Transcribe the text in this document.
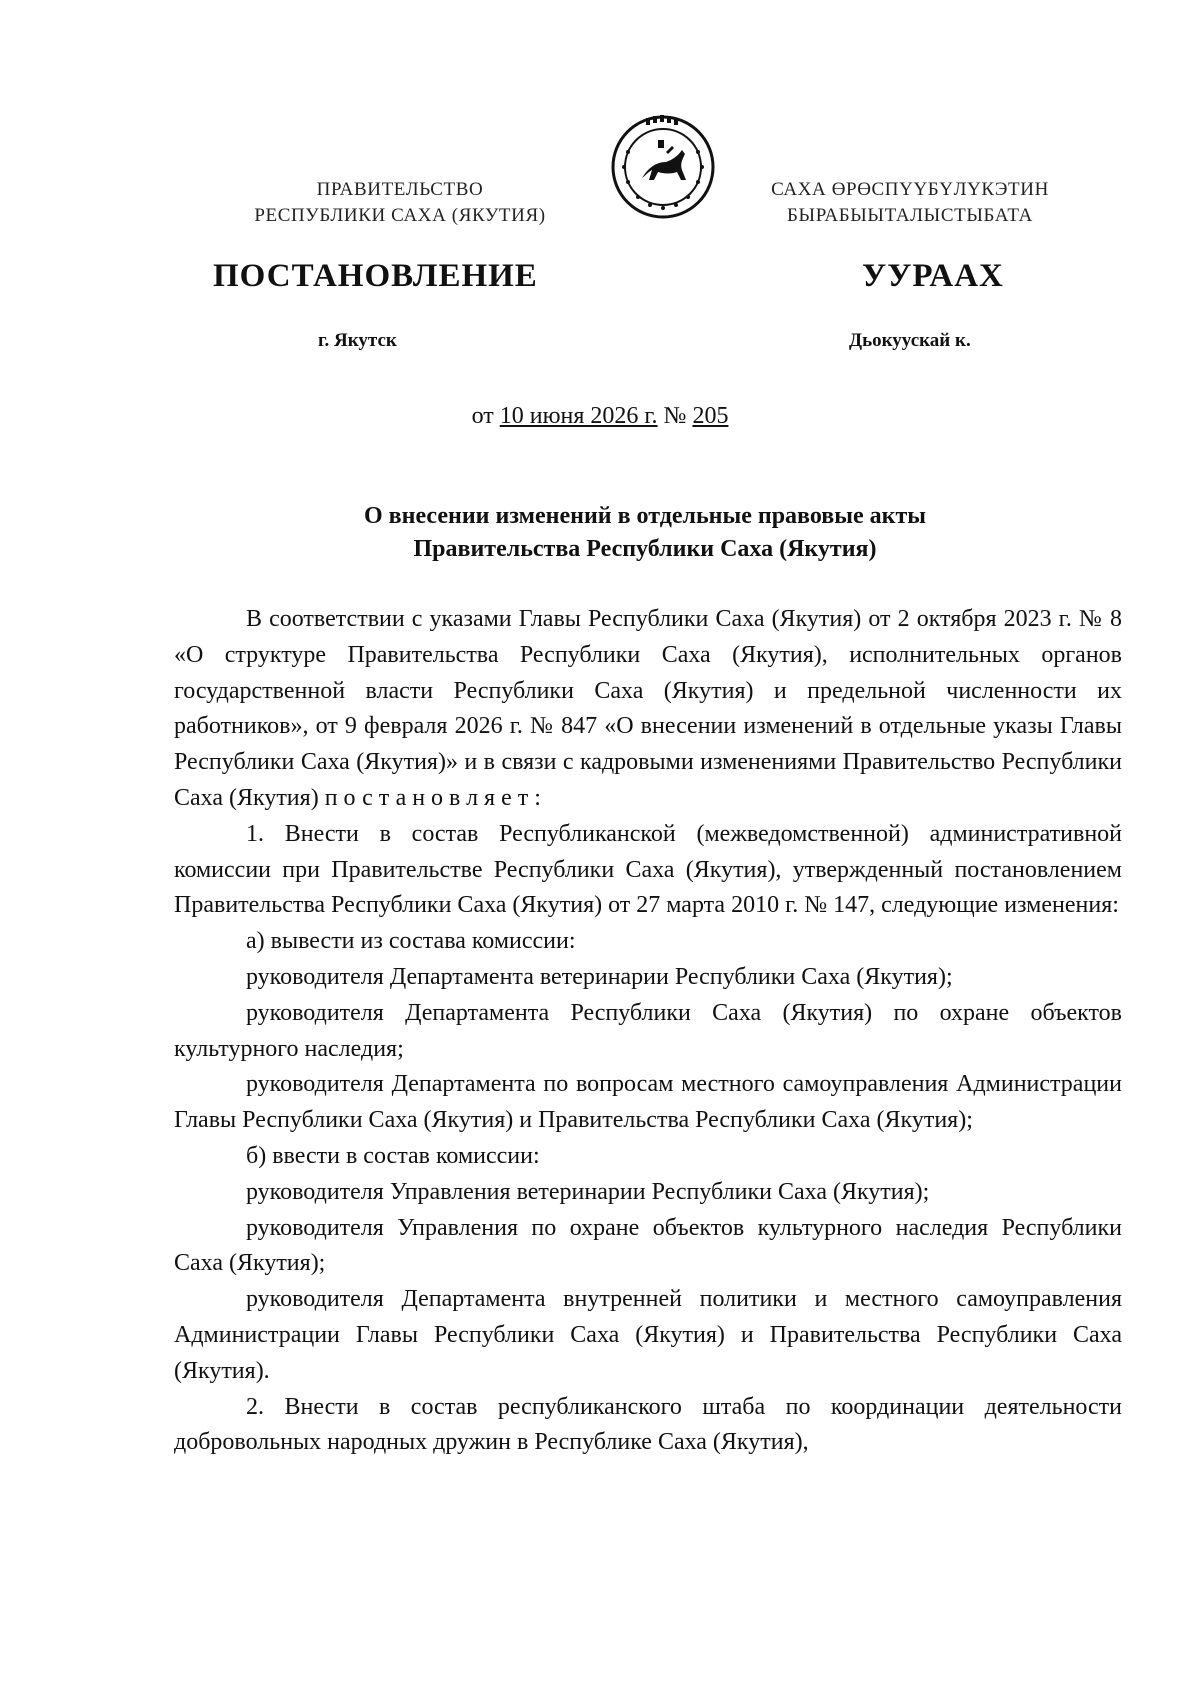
ПРАВИТЕЛЬСТВО
РЕСПУБЛИКИ САХА (ЯКУТИЯ)
САХА ӨРӨСПҮҮБҮЛҮКЭТИН
БЫРАБЫЫТАЛЫСТЫБАТА
ПОСТАНОВЛЕНИЕ	УУРААХ
г. Якутск	Дьокуускай к.
от 10 июня 2026 г. № 205
О внесении изменений в отдельные правовые акты
Правительства Республики Саха (Якутия)

В соответствии с указами Главы Республики Саха (Якутия) от 2 октября 2023 г. № 8 «О структуре Правительства Республики Саха (Якутия), исполнительных органов государственной власти Республики Саха (Якутия) и предельной численности их работников», от 9 февраля 2026 г. № 847 «О внесении изменений в отдельные указы Главы Республики Саха (Якутия)» и в связи с кадровыми изменениями Правительство Республики Саха (Якутия) постановляет:

1. Внести в состав Республиканской (межведомственной) административной комиссии при Правительстве Республики Саха (Якутия), утвержденный постановлением Правительства Республики Саха (Якутия) от 27 марта 2010 г. № 147, следующие изменения:

а) вывести из состава комиссии:

руководителя Департамента ветеринарии Республики Саха (Якутия);

руководителя Департамента Республики Саха (Якутия) по охране объектов культурного наследия;

руководителя Департамента по вопросам местного самоуправления Администрации Главы Республики Саха (Якутия) и Правительства Республики Саха (Якутия);

б) ввести в состав комиссии:

руководителя Управления ветеринарии Республики Саха (Якутия);

руководителя Управления по охране объектов культурного наследия Республики Саха (Якутия);

руководителя Департамента внутренней политики и местного самоуправления Администрации Главы Республики Саха (Якутия) и Правительства Республики Саха (Якутия).

2. Внести в состав республиканского штаба по координации деятельности добровольных народных дружин в Республике Саха (Якутия),
